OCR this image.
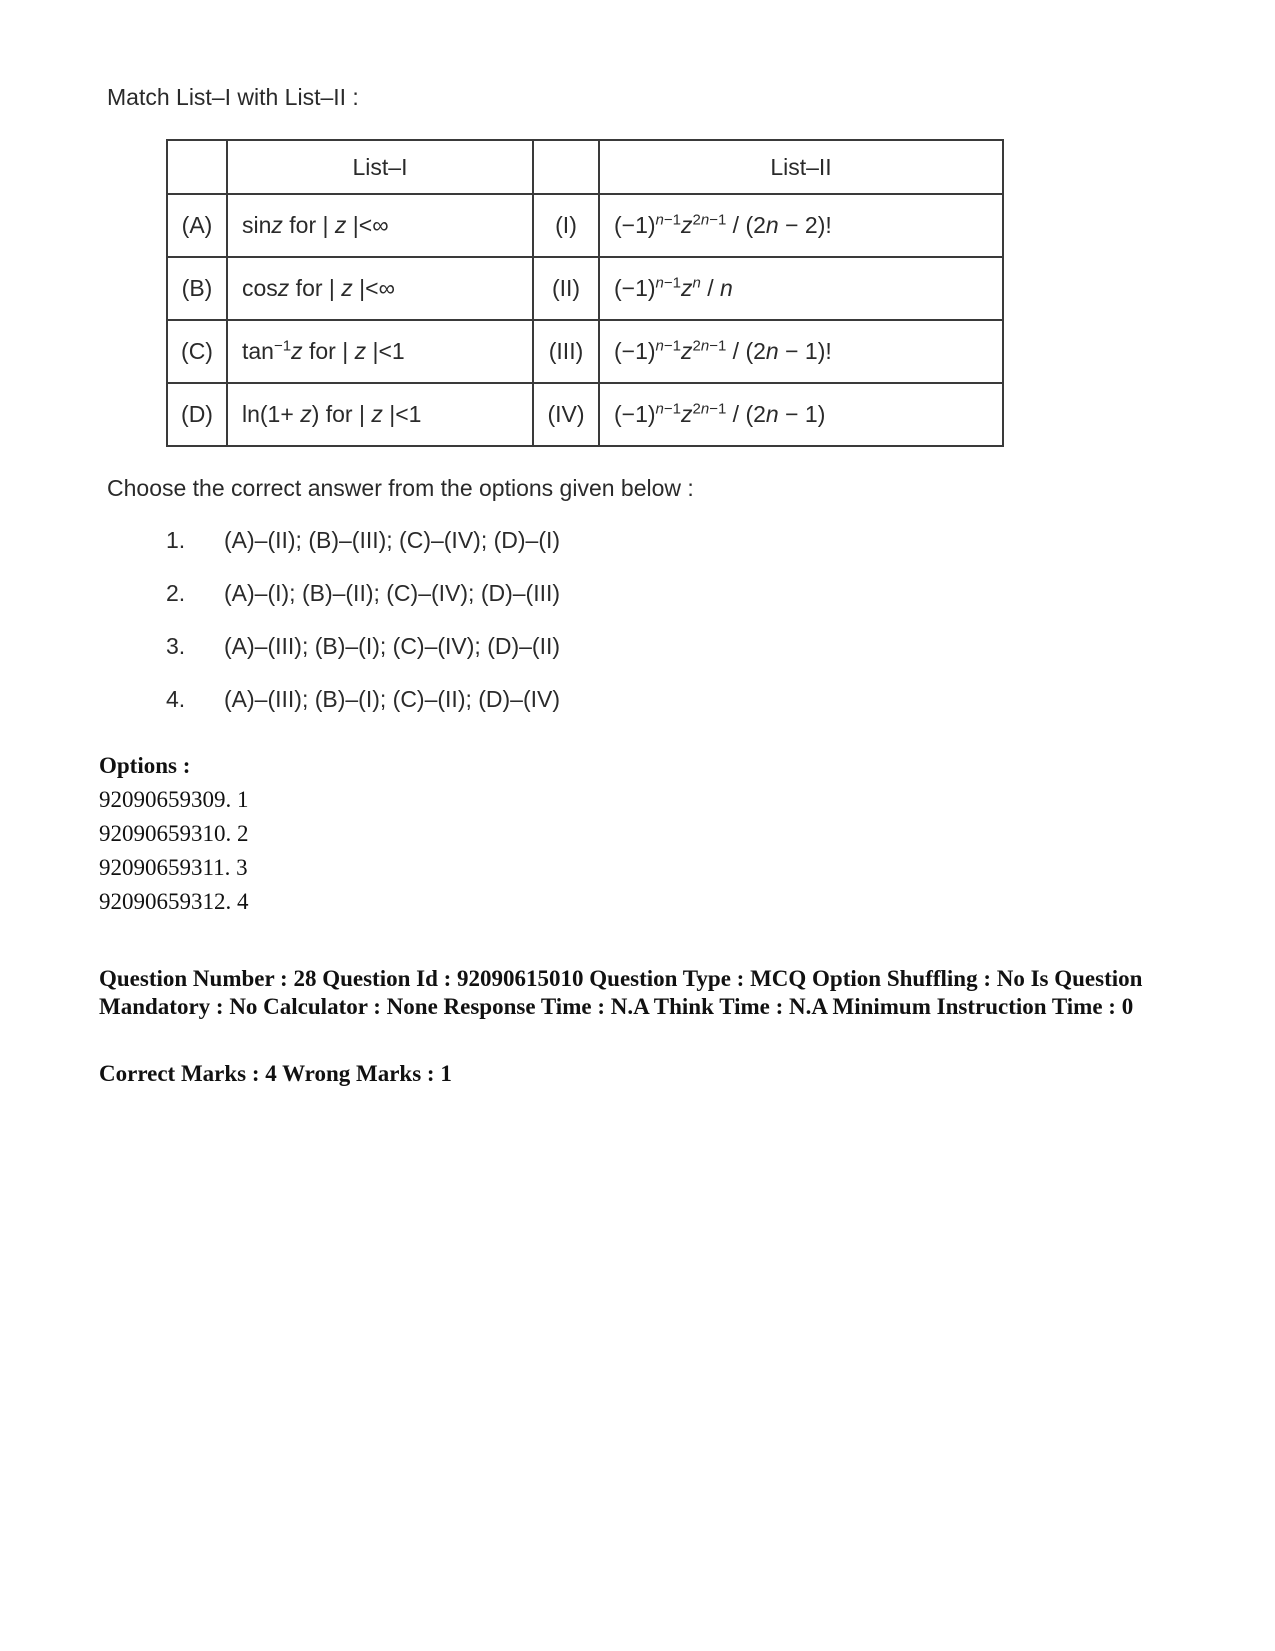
Match List–I with List–II :
	List–I		List–II
(A)	sinz for | z |<∞	(I)	$(-1)^{n-1}z^{2n-1} / (2n - 2)$!
(B)	cosz for | z |<∞	(II)	$(-1)^{n-1}z^n / n$
(C)	$\tan^{-1}z$ for | z |<1	(III)	$(-1)^{n-1}z^{2n-1} / (2n - 1)$!
(D)	ln(1+ z) for | z |<1	(IV)	$(-1)^{n-1}z^{2n-1} / (2n - 1)$
Choose the correct answer from the options given below :
1.	(A)–(II); (B)–(III); (C)–(IV); (D)–(I)
2.	(A)–(I); (B)–(II); (C)–(IV); (D)–(III)
3.	(A)–(III); (B)–(I); (C)–(IV); (D)–(II)
4.	(A)–(III); (B)–(I); (C)–(II); (D)–(IV)
Options :
92090659309. 1
92090659310. 2
92090659311. 3
92090659312. 4
Question Number : 28 Question Id : 92090615010 Question Type : MCQ Option Shuffling : No Is Question Mandatory : No Calculator : None Response Time : N.A Think Time : N.A Minimum Instruction Time : 0
Correct Marks : 4 Wrong Marks : 1
